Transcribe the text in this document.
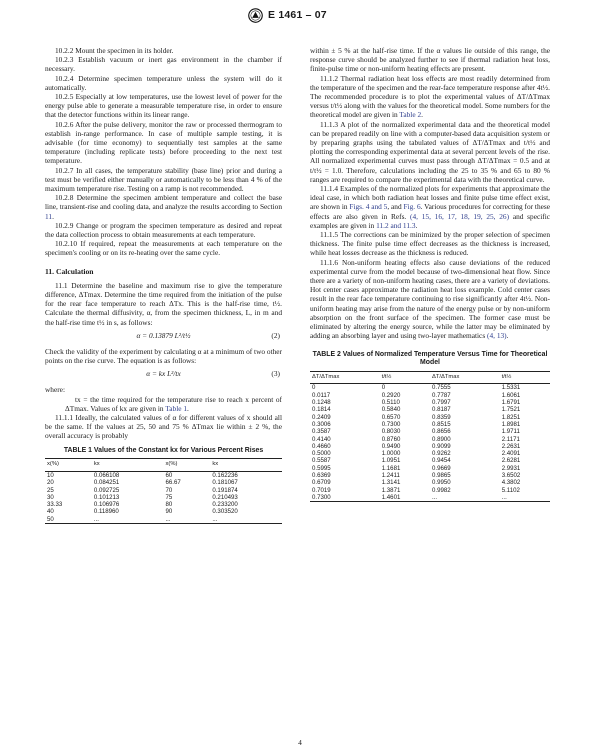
E 1461 – 07

10.2.2 Mount the specimen in its holder.

10.2.3 Establish vacuum or inert gas environment in the chamber if necessary.

10.2.4 Determine specimen temperature unless the system will do it automatically.

10.2.5 Especially at low temperatures, use the lowest level of power for the energy pulse able to generate a measurable temperature rise, in order to ensure that the detector functions within its linear range.

10.2.6 After the pulse delivery, monitor the raw or processed thermogram to establish in-range performance. In case of multiple sample testing, it is advisable (for time economy) to sequentially test samples at the same temperature (including replicate tests) before proceeding to the next test temperature.

10.2.7 In all cases, the temperature stability (base line) prior and during a test must be verified either manually or automatically to be less than 4 % of the maximum temperature rise. Testing on a ramp is not recommended.

10.2.8 Determine the specimen ambient temperature and collect the base line, transient-rise and cooling data, and analyze the results according to Section 11.

10.2.9 Change or program the specimen temperature as desired and repeat the data collection process to obtain measurements at each temperature.

10.2.10 If required, repeat the measurements at each temperature on the specimen's cooling or on its re-heating over the same cycle.

11. Calculation

11.1 Determine the baseline and maximum rise to give the temperature difference, ΔTmax. Determine the time required from the initiation of the pulse for the rear face temperature to reach ΔTx. This is the half-rise time, t½. Calculate the thermal diffusivity, α, from the specimen thickness, L, in m and the half-rise time t½ in s, as follows:

α = 0.13879 L²/t½	(2)

Check the validity of the experiment by calculating α at a minimum of two other points on the rise curve. The equation is as follows:

α = kx L²/tx	(3)

where:

tx = the time required for the temperature rise to reach x percent of ΔTmax. Values of kx are given in Table 1.

11.1.1 Ideally, the calculated values of α for different values of x should all be the same. If the values at 25, 50 and 75 % ΔTmax lie within ± 2 %, the overall accuracy is probably

TABLE 1 Values of the Constant kx for Various Percent Rises
x(%)	kx	x(%)	kx
10	0.066108	60	0.162236
20	0.084251	66.67	0.181067
25	0.092725	70	0.191874
30	0.101213	75	0.210493
33.33	0.106976	80	0.233200
40	0.118960	90	0.303520
50	...	...	...

within ± 5 % at the half-rise time. If the α values lie outside of this range, the response curve should be analyzed further to see if thermal radiation heat loss, finite-pulse time or non-uniform heating effects are present.

11.1.2 Thermal radiation heat loss effects are most readily determined from the temperature of the specimen and the rear-face temperature response after 4t½. The recommended procedure is to plot the experimental values of ΔT/ΔTmax versus t/t½ along with the values for the theoretical model. Some numbers for the theoretical model are given in Table 2.

11.1.3 A plot of the normalized experimental data and the theoretical model can be prepared readily on line with a computer-based data acquisition system or by preparing graphs using the tabulated values of ΔT/ΔTmax and t/t½ and plotting the corresponding experimental data at several percent levels of the rise. All normalized experimental curves must pass through ΔT/ΔTmax = 0.5 and at t/t½ = 1.0. Therefore, calculations including the 25 to 35 % and 65 to 80 % ranges are required to compare the experimental data with the theoretical curve.

11.1.4 Examples of the normalized plots for experiments that approximate the ideal case, in which both radiation heat losses and finite pulse time effect exist, are shown in Figs. 4 and 5, and Fig. 6. Various procedures for correcting for these effects are also given in Refs. (4, 15, 16, 17, 18, 19, 25, 26) and specific examples are given in 11.2 and 11.3.

11.1.5 The corrections can be minimized by the proper selection of specimen thickness. The finite pulse time effect decreases as the thickness is increased, while heat losses decrease as the thickness is reduced.

11.1.6 Non-uniform heating effects also cause deviations of the reduced experimental curve from the model because of two-dimensional heat flow. Since there are a variety of non-uniform heating cases, there are a variety of deviations. Hot center cases approximate the radiation heat loss example. Cold center cases result in the rear face temperature continuing to rise significantly after 4t½. Non-uniform heating may arise from the nature of the energy pulse or by non-uniform absorption on the front surface of the specimen. The former case must be eliminated by altering the energy source, while the latter may be eliminated by adding an absorbing layer and using two-layer mathematics (4, 13).

TABLE 2 Values of Normalized Temperature Versus Time for Theoretical Model
ΔT/ΔTmax	t/t½	ΔT/ΔTmax	t/t½
0	0	0.7555	1.5331
0.0117	0.2920	0.7787	1.6061
0.1248	0.5110	0.7997	1.6791
0.1814	0.5840	0.8187	1.7521
0.2409	0.6570	0.8359	1.8251
0.3006	0.7300	0.8515	1.8981
0.3587	0.8030	0.8656	1.9711
0.4140	0.8760	0.8900	2.1171
0.4660	0.9490	0.9099	2.2631
0.5000	1.0000	0.9262	2.4091
0.5587	1.0951	0.9454	2.6281
0.5995	1.1681	0.9669	2.9931
0.6369	1.2411	0.9865	3.6502
0.6709	1.3141	0.9950	4.3802
0.7019	1.3871	0.9982	5.1102
0.7300	1.4601	...	...
4
